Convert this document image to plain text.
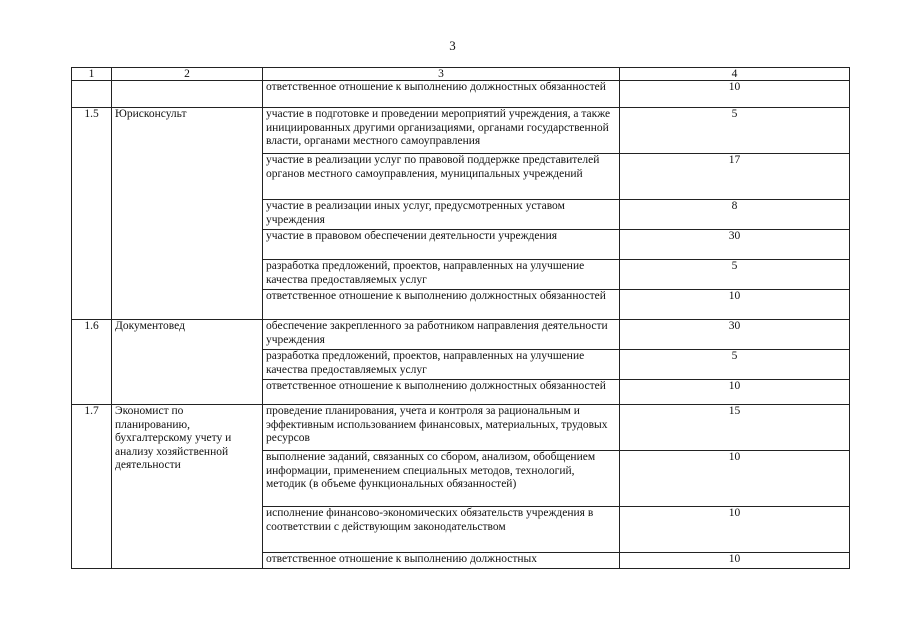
3
1	2	3	4
		ответственное отношение к выполнению должностных обязанностей	10
1.5	Юрисконсульт	участие в подготовке и проведении мероприятий учреждения, а также инициированных другими организациями, органами государственной власти, органами местного самоуправления	5
		участие в реализации услуг по правовой поддержке представителей органов местного самоуправления, муниципальных учреждений	17
		участие в реализации иных услуг, предусмотренных уставом учреждения	8
		участие в правовом обеспечении деятельности учреждения	30
		разработка предложений, проектов, направленных на улучшение качества предоставляемых услуг	5
		ответственное отношение к выполнению должностных обязанностей	10
1.6	Документовед	обеспечение закрепленного за работником направления деятельности учреждения	30
		разработка предложений, проектов, направленных на улучшение качества предоставляемых услуг	5
		ответственное отношение к выполнению должностных обязанностей	10
1.7	Экономист по планированию, бухгалтерскому учету и анализу хозяйственной деятельности	проведение планирования, учета и контроля за рациональным и эффективным использованием финансовых, материальных, трудовых ресурсов	15
		выполнение заданий, связанных со сбором, анализом, обобщением информации, применением специальных методов, технологий, методик (в объеме функциональных обязанностей)	10
		исполнение финансово-экономических обязательств учреждения в соответствии с действующим законодательством	10
		ответственное отношение к выполнению должностных	10
